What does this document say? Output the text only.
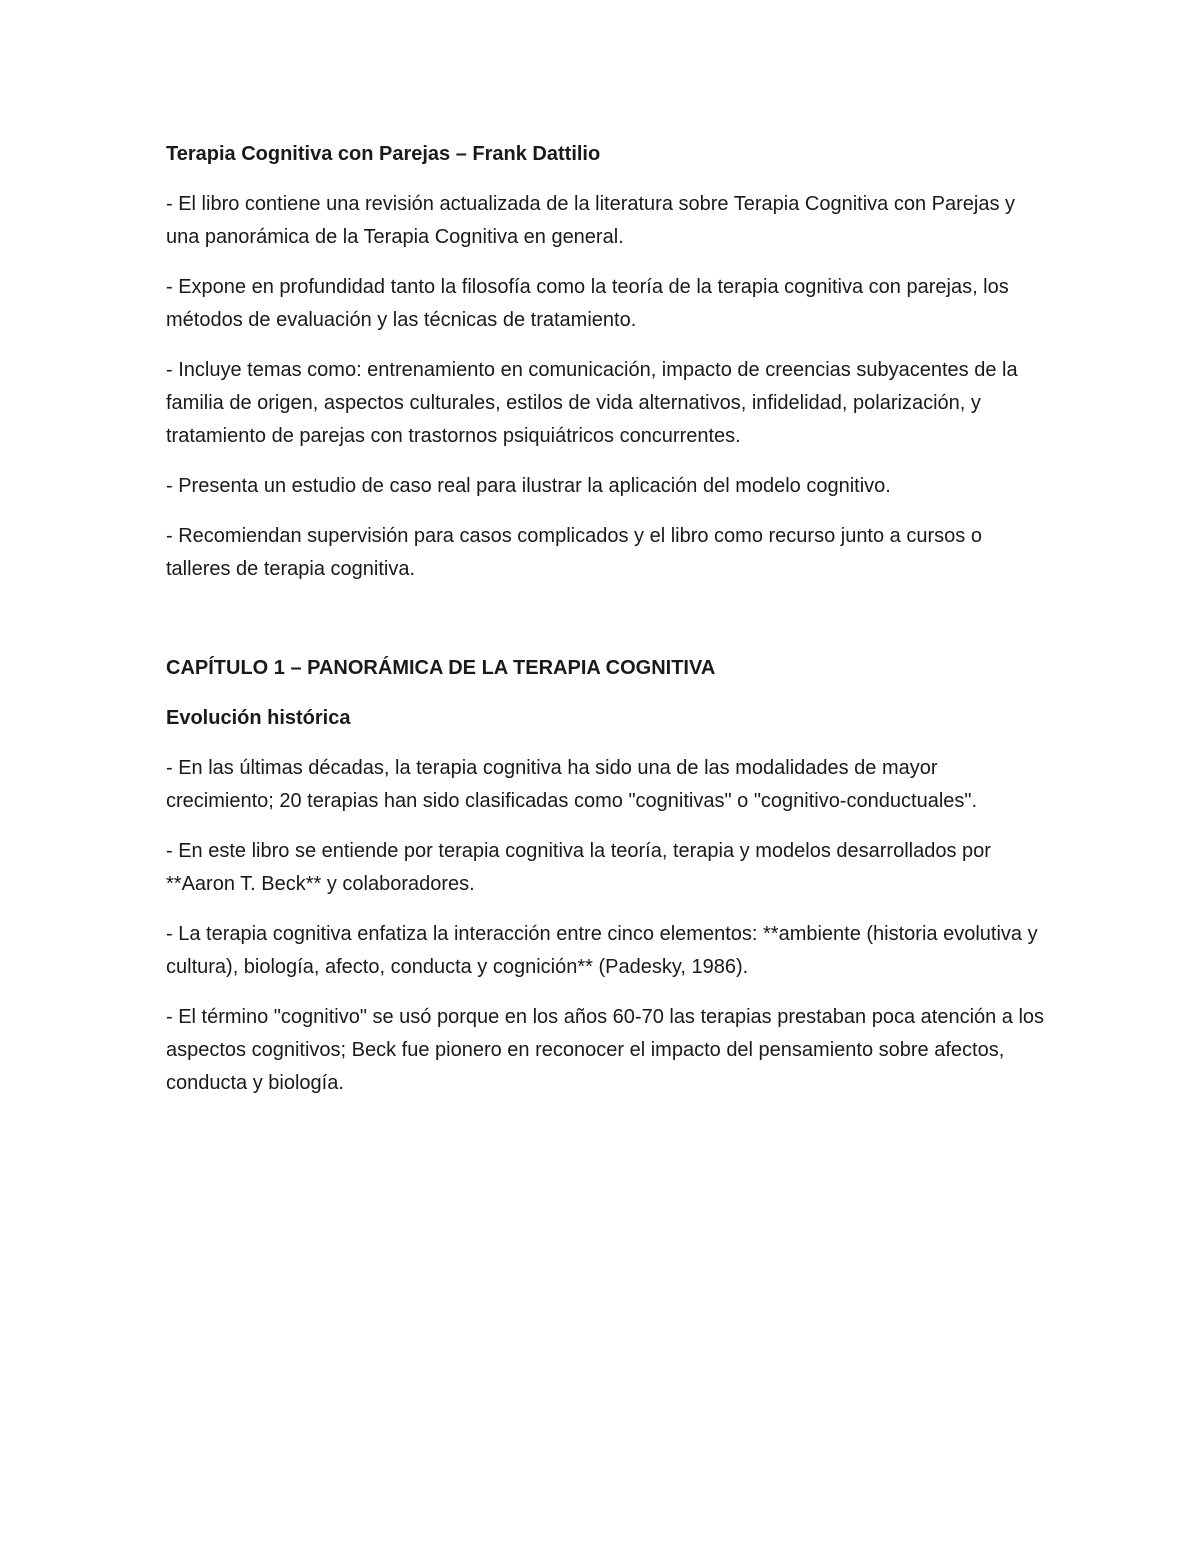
Terapia Cognitiva con Parejas – Frank Dattilio

- El libro contiene una revisión actualizada de la literatura sobre Terapia Cognitiva con Parejas y una panorámica de la Terapia Cognitiva en general.

- Expone en profundidad tanto la filosofía como la teoría de la terapia cognitiva con parejas, los métodos de evaluación y las técnicas de tratamiento.

- Incluye temas como: entrenamiento en comunicación, impacto de creencias subyacentes de la familia de origen, aspectos culturales, estilos de vida alternativos, infidelidad, polarización, y tratamiento de parejas con trastornos psiquiátricos concurrentes.

- Presenta un estudio de caso real para ilustrar la aplicación del modelo cognitivo.

- Recomiendan supervisión para casos complicados y el libro como recurso junto a cursos o talleres de terapia cognitiva.

CAPÍTULO 1 – PANORÁMICA DE LA TERAPIA COGNITIVA
Evolución histórica

- En las últimas décadas, la terapia cognitiva ha sido una de las modalidades de mayor crecimiento; 20 terapias han sido clasificadas como "cognitivas" o "cognitivo-conductuales".

- En este libro se entiende por terapia cognitiva la teoría, terapia y modelos desarrollados por **Aaron T. Beck** y colaboradores.

- La terapia cognitiva enfatiza la interacción entre cinco elementos: **ambiente (historia evolutiva y cultura), biología, afecto, conducta y cognición** (Padesky, 1986).

- El término "cognitivo" se usó porque en los años 60-70 las terapias prestaban poca atención a los aspectos cognitivos; Beck fue pionero en reconocer el impacto del pensamiento sobre afectos, conducta y biología.
